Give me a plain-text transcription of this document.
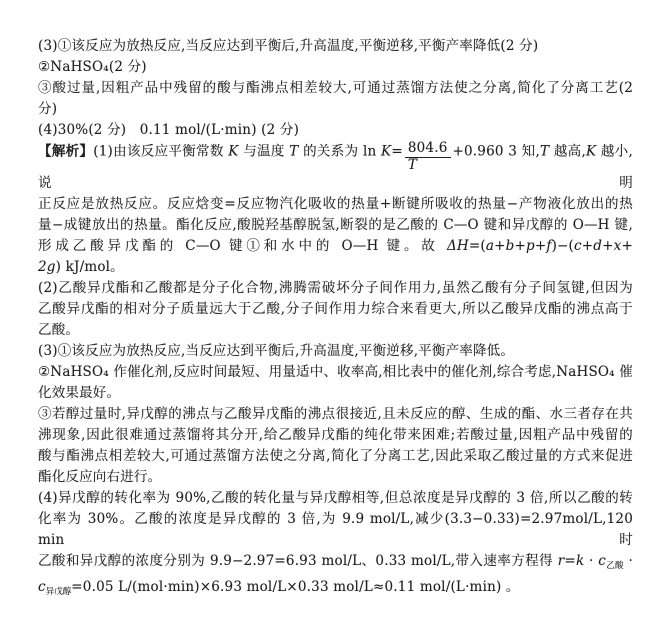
(3)①该反应为放热反应,当反应达到平衡后,升高温度,平衡逆移,平衡产率降低(2 分)
②NaHSO₄(2 分)
③酸过量,因粗产品中残留的酸与酯沸点相差较大,可通过蒸馏方法使之分离,简化了分离工艺(2
分)
(4)30%(2 分)   0.11 mol/(L·min) (2 分)
【解析】(1)由该反应平衡常数 K 与温度 T 的关系为 $\ln K= \frac{804.6}{T} +0.960$ 3 知,T 越高,K 越小,说明
正反应是放热反应。反应焓变=反应物汽化吸收的热量+断键所吸收的热量−产物液化放出的热
量−成键放出的热量。酯化反应,酸脱羟基醇脱氢,断裂的是乙酸的 C—O 键和异戊醇的 O—H 键,
形成乙酸异戊酯的 C—O 键①和水中的 O—H 键。故 ΔH=(a+b+p+f)−(c+d+x+
2g) kJ/mol。
(2)乙酸异戊酯和乙酸都是分子化合物,沸腾需破坏分子间作用力,虽然乙酸有分子间氢键,但因为
乙酸异戊酯的相对分子质量远大于乙酸,分子间作用力综合来看更大,所以乙酸异戊酯的沸点高于
乙酸。
(3)①该反应为放热反应,当反应达到平衡后,升高温度,平衡逆移,平衡产率降低。
②NaHSO₄ 作催化剂,反应时间最短、用量适中、收率高,相比表中的催化剂,综合考虑,NaHSO₄ 催
化效果最好。
③若醇过量时,异戊醇的沸点与乙酸异戊酯的沸点很接近,且未反应的醇、生成的酯、水三者存在共
沸现象,因此很难通过蒸馏将其分开,给乙酸异戊酯的纯化带来困难;若酸过量,因粗产品中残留的
酸与酯沸点相差较大,可通过蒸馏方法使之分离,简化了分离工艺,因此采取乙酸过量的方式来促进
酯化反应向右进行。
(4)异戊醇的转化率为 90%,乙酸的转化量与异戊醇相等,但总浓度是异戊醇的 3 倍,所以乙酸的转
化率为 30%。乙酸的浓度是异戊醇的 3 倍,为 9.9 mol/L,减少(3.3−0.33)=2.97mol/L,120 min 时
乙酸和异戊醇的浓度分别为 9.9−2.97=6.93 mol/L、0.33 mol/L,带入速率方程得 $r=k \cdot c_{乙酸}$ ·
$c_{异戊醇}=0.05$ L/(mol·min)×6.93 mol/L×0.33 mol/L≈0.11 mol/(L·min) 。
